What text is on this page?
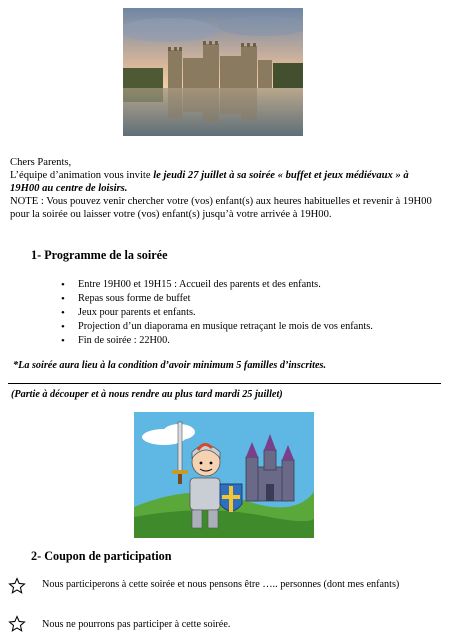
Chers Parents,

L’équipe d’animation vous invite le jeudi 27 juillet à sa soirée « buffet et jeux médiévaux » à 19H00 au centre de loisirs.

NOTE : Vous pouvez venir chercher votre (vos) enfant(s) aux heures habituelles et revenir à 19H00 pour la soirée ou laisser votre (vos) enfant(s) jusqu’à votre arrivée à 19H00.

1- Programme de la soirée
• Entre 19H00 et 19H15 : Accueil des parents et des enfants.
• Repas sous forme de buffet
• Jeux pour parents et enfants.
• Projection d’un diaporama en musique retraçant le mois de vos enfants.
• Fin de soirée : 22H00.
*La soirée aura lieu à la condition d’avoir minimum 5 familles d’inscrites.
(Partie à découper et à nous rendre au plus tard mardi 25 juillet)
2- Coupon de participation
Nous participerons à cette soirée et nous pensons être ….. personnes (dont mes enfants)
Nous ne pourrons pas participer à cette soirée.
